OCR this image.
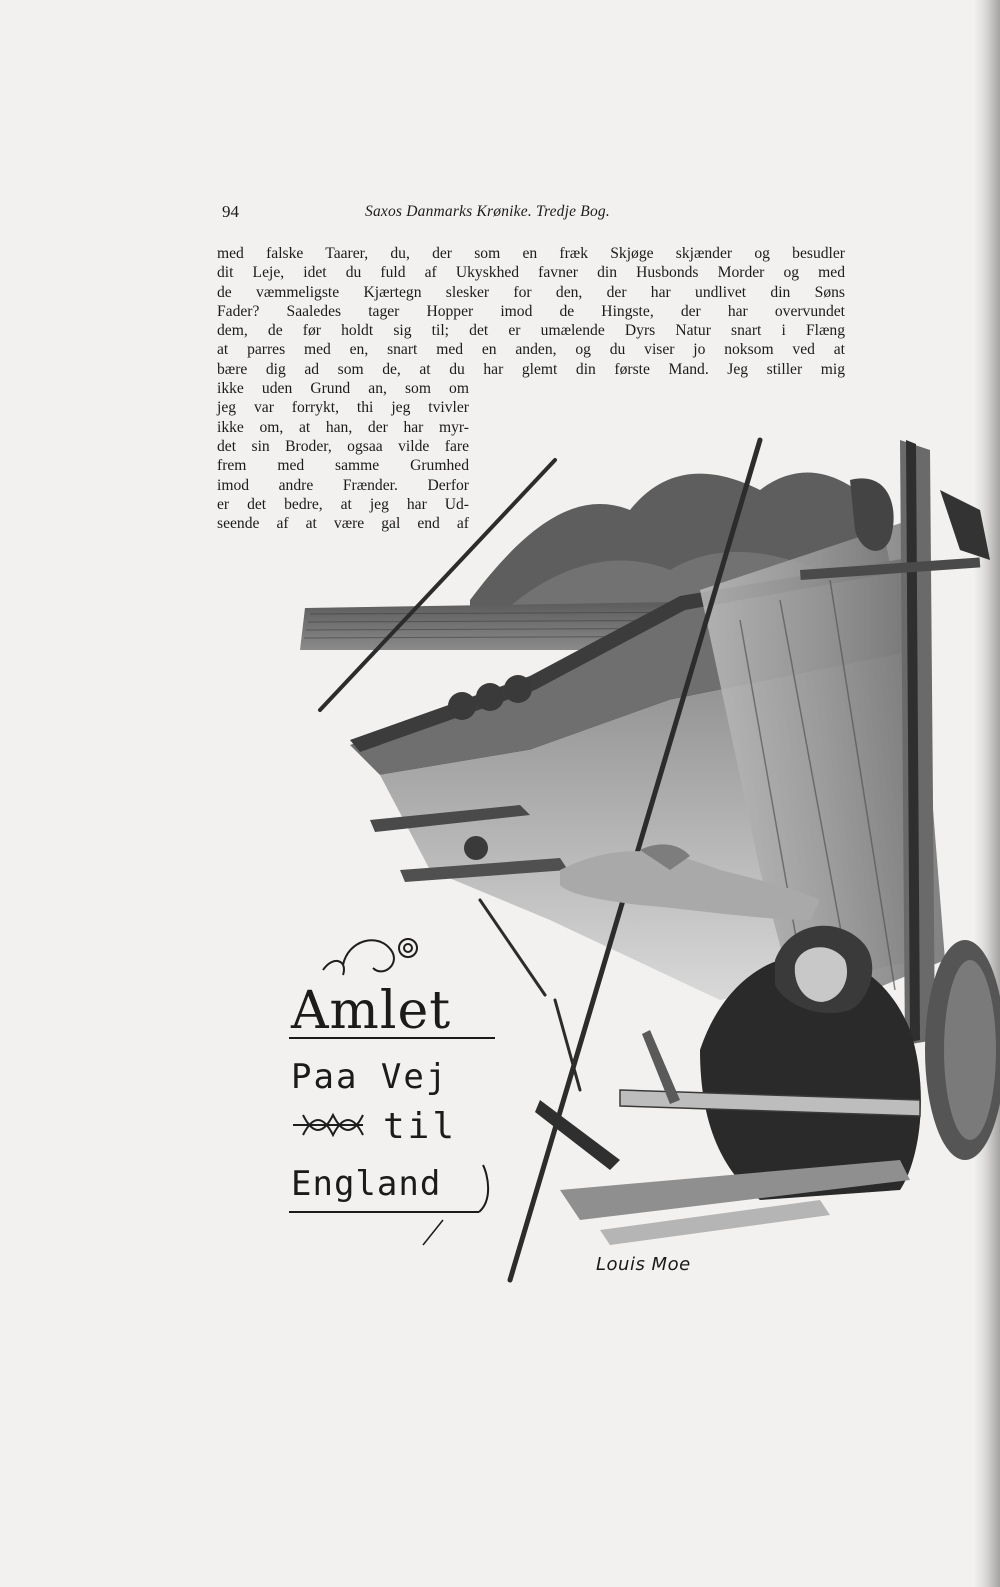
94	Saxos Danmarks Krønike. Tredje Bog.
med falske Taarer, du, der som en fræk Skjøge skjænder og besudler
dit Leje, idet du fuld af Ukyskhed favner din Husbonds Morder og med
de væmmeligste Kjærtegn slesker for den, der har undlivet din Søns
Fader? Saaledes tager Hopper imod de Hingste, der har overvundet
dem, de før holdt sig til; det er umælende Dyrs Natur snart i Flæng
at parres med en, snart med en anden, og du viser jo noksom ved at
bære dig ad som de, at du har glemt din første Mand. Jeg stiller mig
ikke uden Grund an, som om
jeg var forrykt, thi jeg tvivler
ikke om, at han, der har myr-
det sin Broder, ogsaa vilde fare
frem med samme Grumhed
imod andre Frænder. Derfor
er det bedre, at jeg har Ud-
seende af at være gal end af
Amlet
Paa Vej
til
England
Louis Moe
